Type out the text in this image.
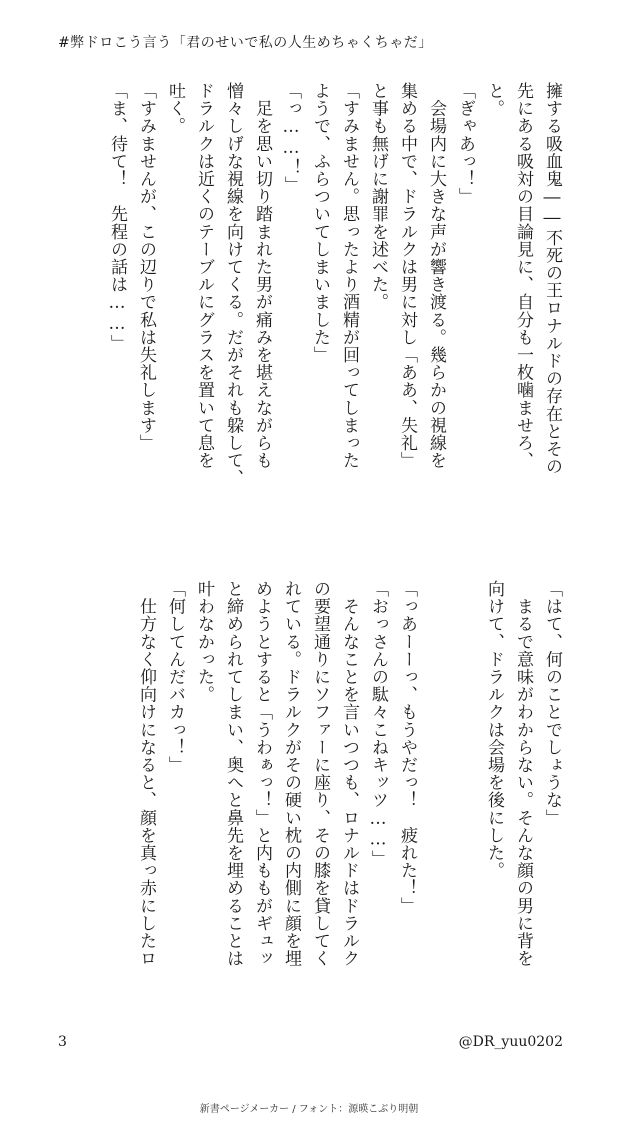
#弊ドロこう言う「君のせいで私の人生めちゃくちゃだ」
擁する吸血鬼――不死の王ロナルドの存在とその
先にある吸対の目論見に、自分も一枚噛ませろ、
と。
「ぎゃあっ！」
　会場内に大きな声が響き渡る。幾らかの視線を
集める中で、ドラルクは男に対し「ああ、失礼」
と事も無げに謝罪を述べた。
「すみません。思ったより酒精が回ってしまった
ようで、ふらついてしまいました」
「っ……！」
　足を思い切り踏まれた男が痛みを堪えながらも
憎々しげな視線を向けてくる。だがそれも躱して、
ドラルクは近くのテーブルにグラスを置いて息を
吐く。
「すみませんが、この辺りで私は失礼します」
「ま、待て！　先程の話は……」
「はて、何のことでしょうな」
　まるで意味がわからない。そんな顔の男に背を
向けて、ドラルクは会場を後にした。
「っあーーっ、もうやだっ！　疲れた！」
「おっさんの駄々こねキッツ……」
　そんなことを言いつつも、ロナルドはドラルク
の要望通りにソファーに座り、その膝を貸してく
れている。ドラルクがその硬い枕の内側に顔を埋
めようとすると「うわぁっ！」と内ももがギュッ
と締められてしまい、奥へと鼻先を埋めることは
叶わなかった。
「何してんだバカっ！」
　仕方なく仰向けになると、顔を真っ赤にしたロ
3	@DR_yuu0202
新書ページメーカー / フォント：源暎こぶり明朝
